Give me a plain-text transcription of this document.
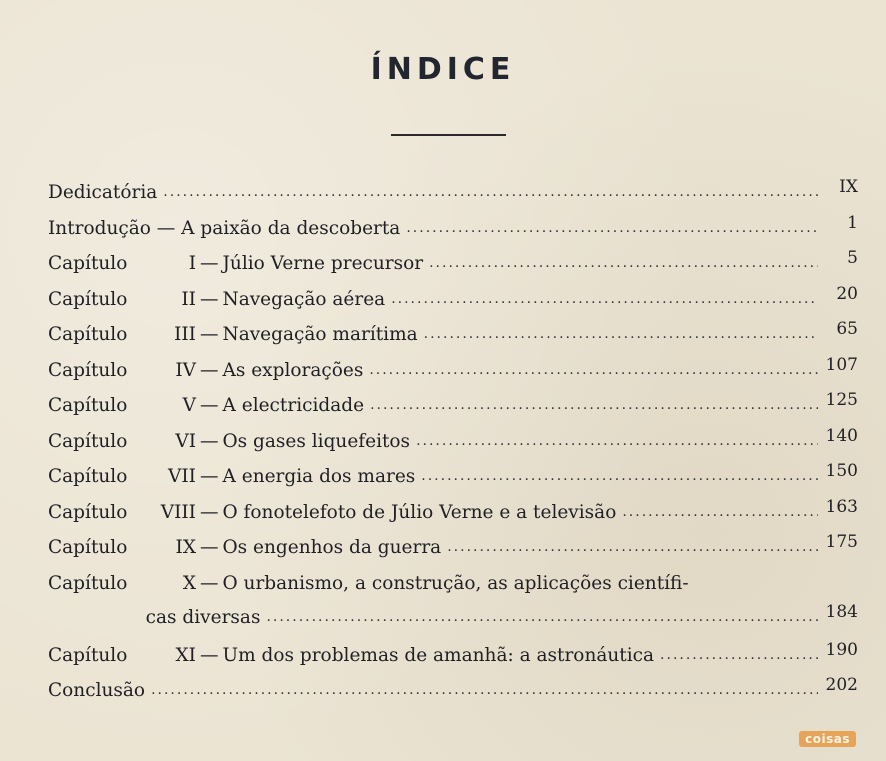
ÍNDICE
Dedicatória .....	IX
Introdução — A paixão da descoberta .....	1
Capítulo	I — Júlio Verne precursor .....	5
Capítulo	II — Navegação aérea .....	20
Capítulo	III — Navegação marítima .....	65
Capítulo	IV — As explorações .....	107
Capítulo	V — A electricidade .....	125
Capítulo	VI — Os gases liquefeitos .....	140
Capítulo VII — A energia dos mares .....	150
Capítulo VIII — O fonotelefoto de Júlio Verne e a televisão .....	163
Capítulo	IX — Os engenhos da guerra .....	175
Capítulo	X — O urbanismo, a construção, as aplicações científi-
cas diversas .....	184
Capítulo	XI — Um dos problemas de amanhã: a astronáutica .....	190
Conclusão .....	202
coisas
